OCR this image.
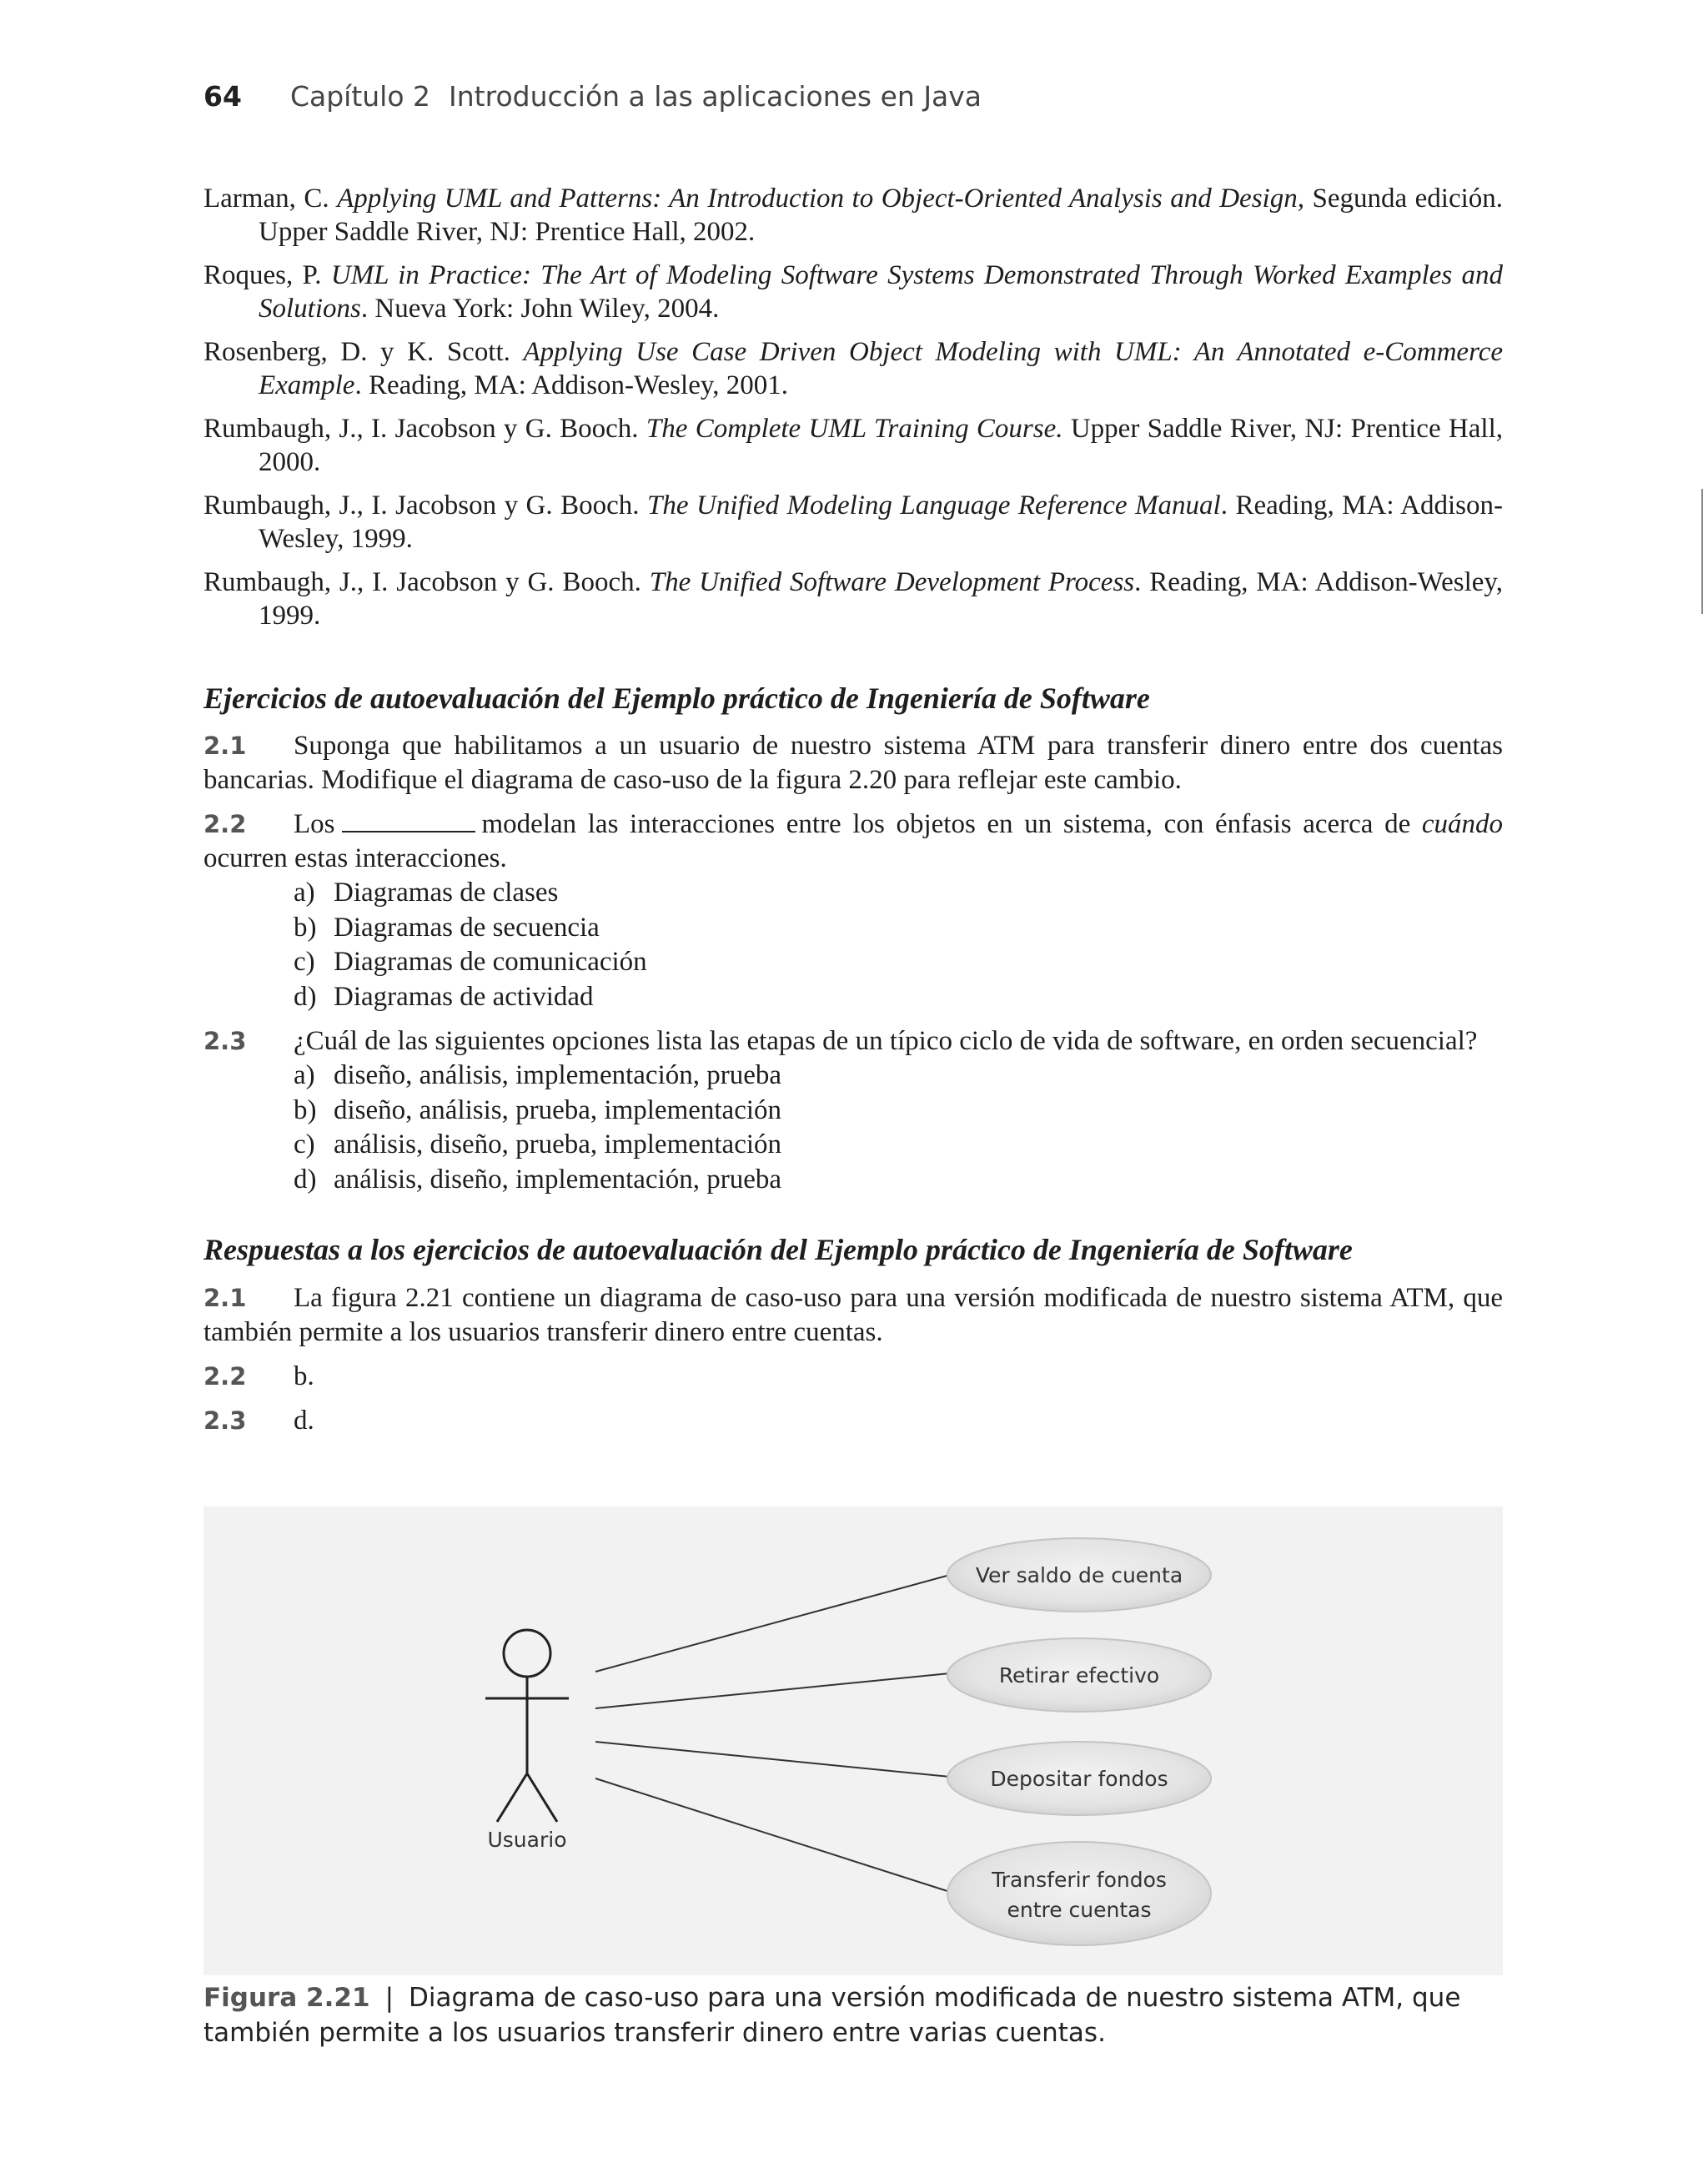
64 Capítulo 2 Introducción a las aplicaciones en Java
Larman, C. Applying UML and Patterns: An Introduction to Object-Oriented Analysis and Design, Segunda edición. Upper Saddle River, NJ: Prentice Hall, 2002.
Roques, P. UML in Practice: The Art of Modeling Software Systems Demonstrated Through Worked Examples and Solutions. Nueva York: John Wiley, 2004.
Rosenberg, D. y K. Scott. Applying Use Case Driven Object Modeling with UML: An Annotated e-Commerce Example. Reading, MA: Addison-Wesley, 2001.
Rumbaugh, J., I. Jacobson y G. Booch. The Complete UML Training Course. Upper Saddle River, NJ: Prentice Hall, 2000.
Rumbaugh, J., I. Jacobson y G. Booch. The Unified Modeling Language Reference Manual. Reading, MA: Addison-Wesley, 1999.
Rumbaugh, J., I. Jacobson y G. Booch. The Unified Software Development Process. Reading, MA: Addison-Wesley, 1999.
Ejercicios de autoevaluación del Ejemplo práctico de Ingeniería de Software
2.1 Suponga que habilitamos a un usuario de nuestro sistema ATM para transferir dinero entre dos cuentas bancarias. Modifique el diagrama de caso-uso de la figura 2.20 para reflejar este cambio.
2.2 Los	modelan las interacciones entre los objetos en un sistema, con énfasis acerca de cuándo ocurren estas interacciones.
a) Diagramas de clases
b) Diagramas de secuencia
c) Diagramas de comunicación
d) Diagramas de actividad
2.3 ¿Cuál de las siguientes opciones lista las etapas de un típico ciclo de vida de software, en orden secuencial?
a) diseño, análisis, implementación, prueba
b) diseño, análisis, prueba, implementación
c) análisis, diseño, prueba, implementación
d) análisis, diseño, implementación, prueba
Respuestas a los ejercicios de autoevaluación del Ejemplo práctico de Ingeniería de Software
2.1 La figura 2.21 contiene un diagrama de caso-uso para una versión modificada de nuestro sistema ATM, que también permite a los usuarios transferir dinero entre cuentas.
2.2 b.
2.3 d.
Usuario
Ver saldo de cuenta
Retirar efectivo
Depositar fondos
Transferir fondos
entre cuentas
Figura 2.21 | Diagrama de caso-uso para una versión modificada de nuestro sistema ATM, que también permite a los usuarios transferir dinero entre varias cuentas.
